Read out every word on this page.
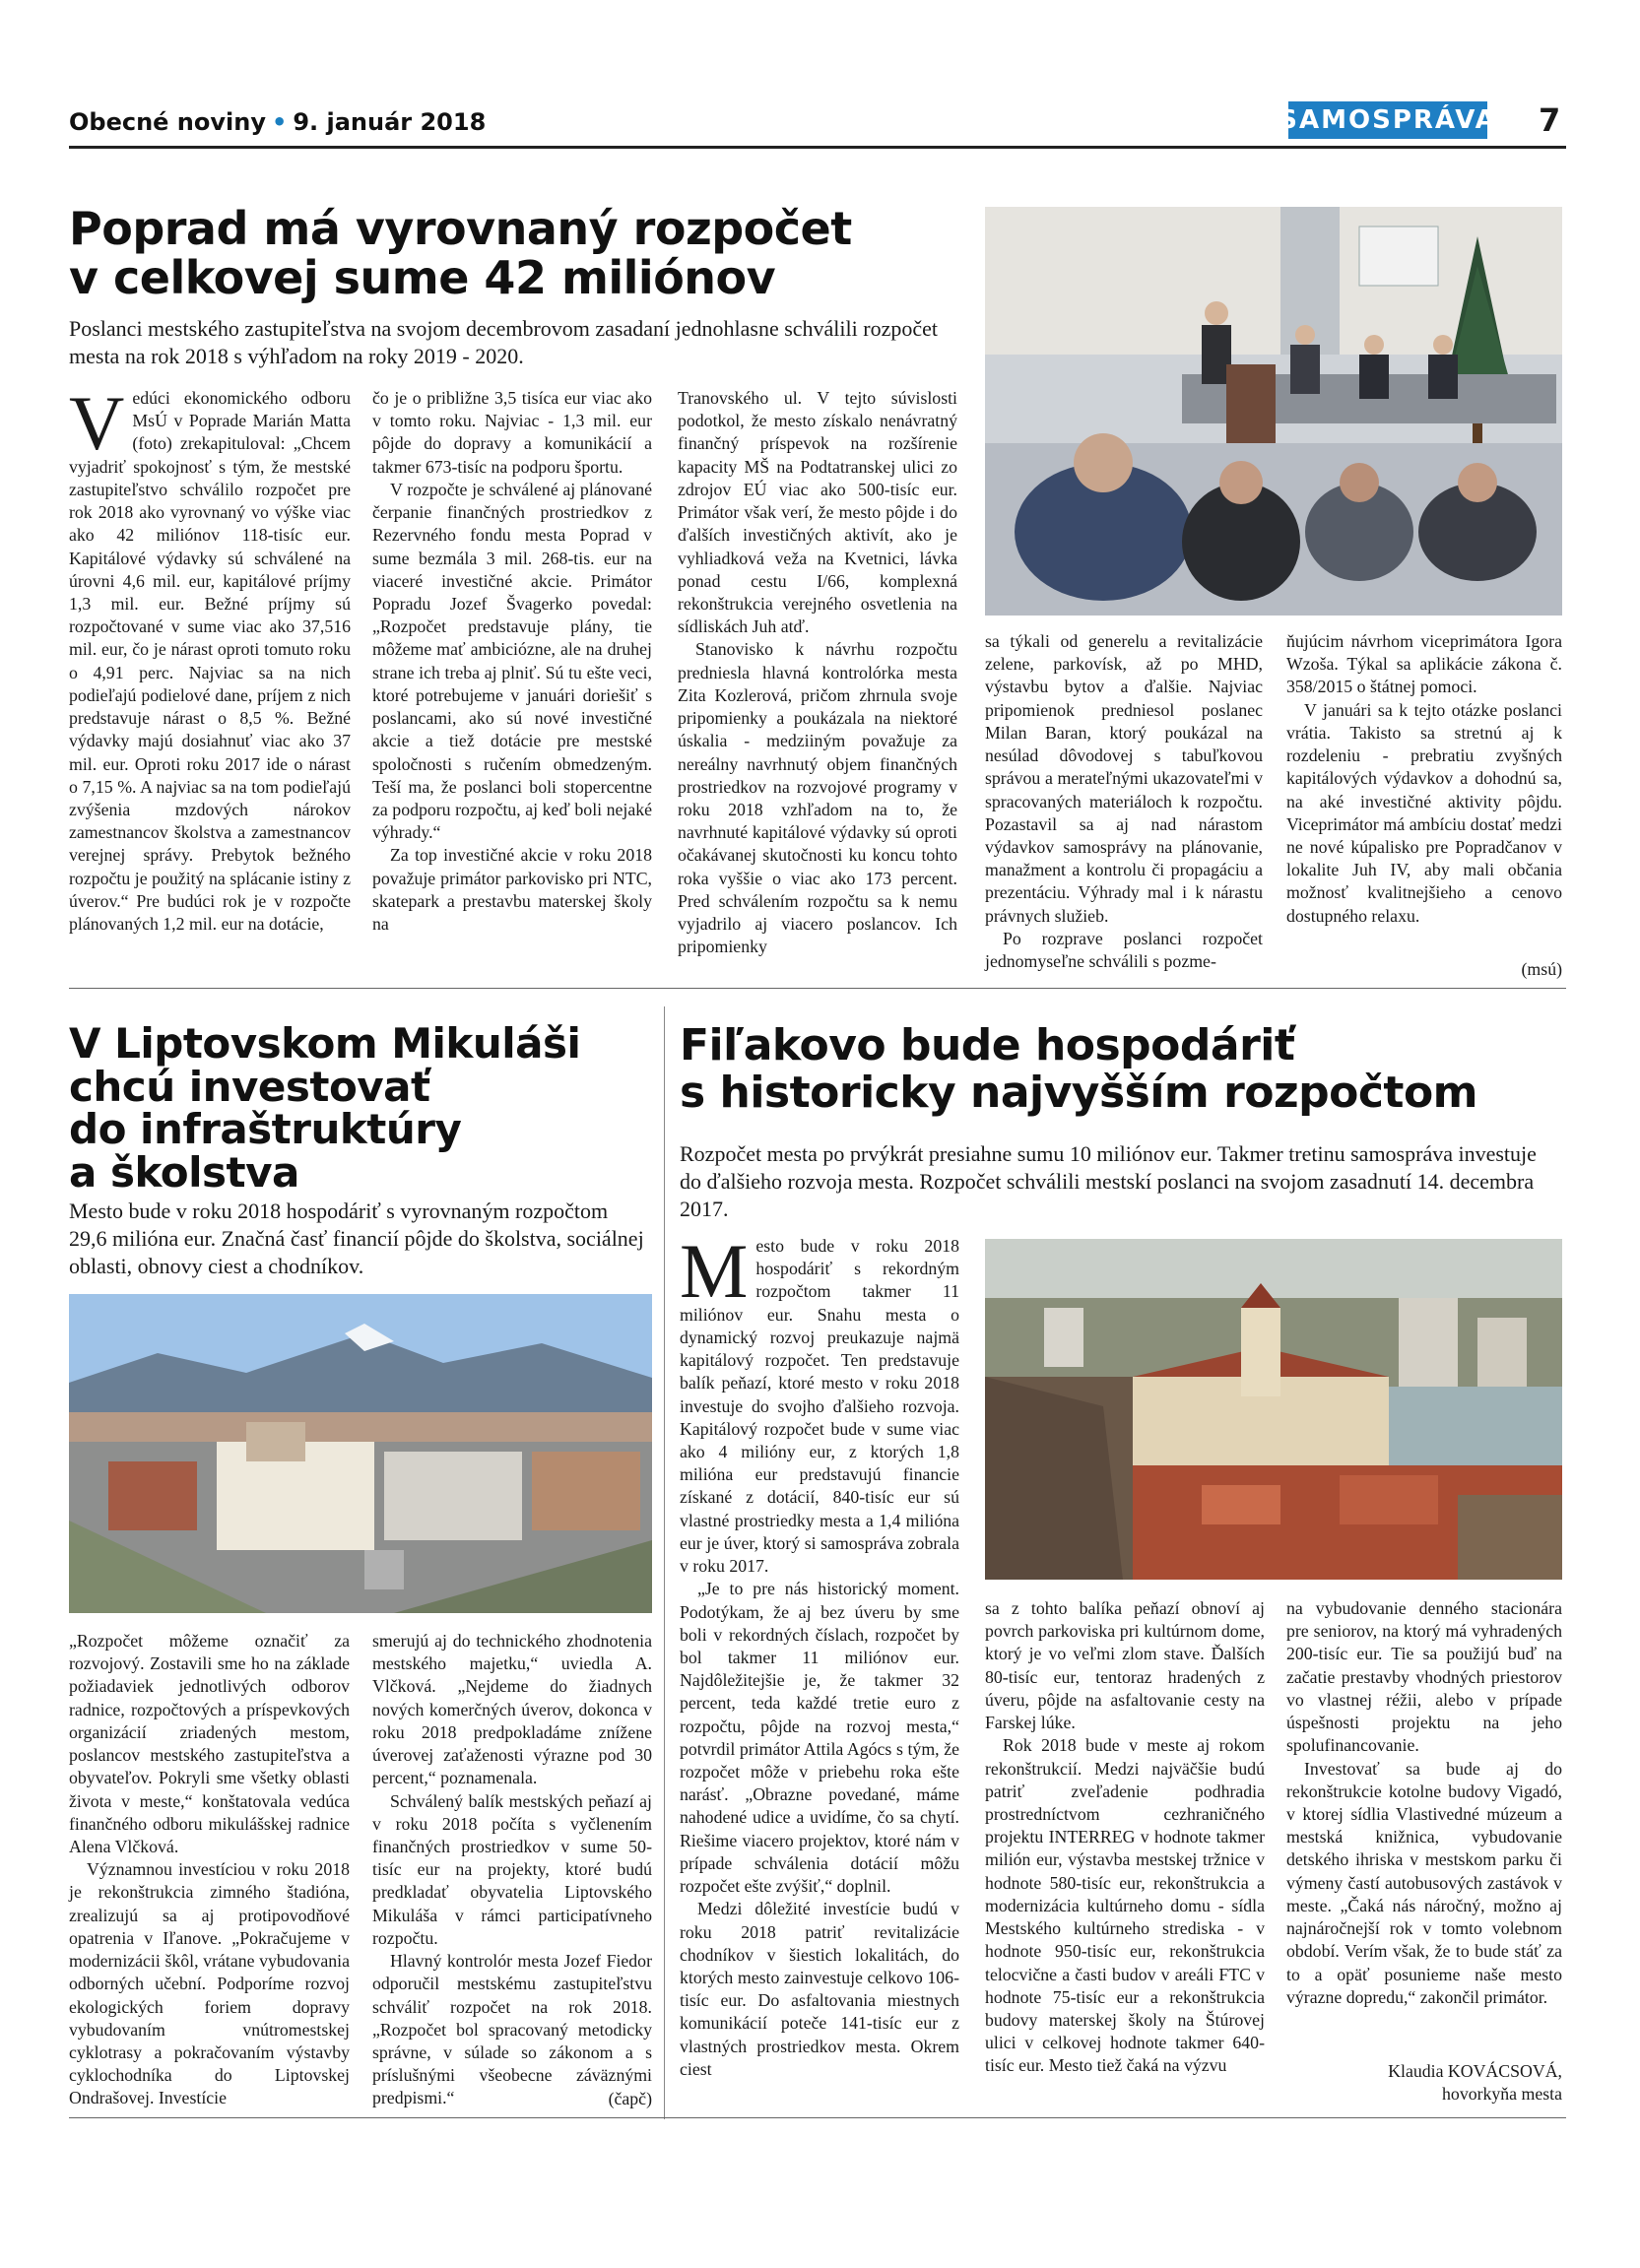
Obecné noviny • 9. január 2018	SAMOSPRÁVA 7
Poprad má vyrovnaný rozpočet
v celkovej sume 42 miliónov
Poslanci mestského zastupiteľstva na svojom decembrovom zasadaní jednohlasne schválili rozpočet mesta na rok 2018 s výhľadom na roky 2019 - 2020.

Vedúci ekonomického odboru MsÚ v Poprade Marián Matta (foto) zrekapituloval: „Chcem vyjadriť spokojnosť s tým, že mestské zastupiteľstvo schválilo rozpočet pre rok 2018 ako vyrovnaný vo výške viac ako 42 miliónov 118-tisíc eur. Kapitálové výdavky sú schválené na úrovni 4,6 mil. eur, kapitálové príjmy 1,3 mil. eur. Bežné príjmy sú rozpočtované v sume viac ako 37,516 mil. eur, čo je nárast oproti tomuto roku o 4,91 perc. Najviac sa na nich podieľajú podielové dane, príjem z nich predstavuje nárast o 8,5 %. Bežné výdavky majú dosiahnuť viac ako 37 mil. eur. Oproti roku 2017 ide o nárast o 7,15 %. A najviac sa na tom podieľajú zvýšenia mzdových nárokov zamestnancov školstva a zamestnancov verejnej správy. Prebytok bežného rozpočtu je použitý na splácanie istiny z úverov.“ Pre budúci rok je v rozpočte plánovaných 1,2 mil. eur na dotácie,

čo je o približne 3,5 tisíca eur viac ako v tomto roku. Najviac - 1,3 mil. eur pôjde do dopravy a komunikácií a takmer 673-tisíc na podporu športu.

V rozpočte je schválené aj plánované čerpanie finančných prostriedkov z Rezervného fondu mesta Poprad v sume bezmála 3 mil. 268-tis. eur na viaceré investičné akcie. Primátor Popradu Jozef Švagerko povedal: „Rozpočet predstavuje plány, tie môžeme mať ambiciózne, ale na druhej strane ich treba aj plniť. Sú tu ešte veci, ktoré potrebujeme v januári doriešiť s poslancami, ako sú nové investičné akcie a tiež dotácie pre mestské spoločnosti s ručením obmedzeným. Teší ma, že poslanci boli stopercentne za podporu rozpočtu, aj keď boli nejaké výhrady.“

Za top investičné akcie v roku 2018 považuje primátor parkovisko pri NTC, skatepark a prestavbu materskej školy na

Tranovského ul. V tejto súvislosti podotkol, že mesto získalo nenávratný finančný príspevok na rozšírenie kapacity MŠ na Podtatranskej ulici zo zdrojov EÚ viac ako 500-tisíc eur. Primátor však verí, že mesto pôjde i do ďalších investičných aktivít, ako je vyhliadková veža na Kvetnici, lávka ponad cestu I/66, komplexná rekonštrukcia verejného osvetlenia na sídliskách Juh atď.

Stanovisko k návrhu rozpočtu predniesla hlavná kontrolórka mesta Zita Kozlerová, pričom zhrnula svoje pripomienky a poukázala na niektoré úskalia - medziiným považuje za nereálny navrhnutý objem finančných prostriedkov na rozvojové programy v roku 2018 vzhľadom na to, že navrhnuté kapitálové výdavky sú oproti očakávanej skutočnosti ku koncu tohto roka vyššie o viac ako 173 percent. Pred schválením rozpočtu sa k nemu vyjadrilo aj viacero poslancov. Ich pripomienky

sa týkali od generelu a revitalizácie zelene, parkovísk, až po MHD, výstavbu bytov a ďalšie. Najviac pripomienok predniesol poslanec Milan Baran, ktorý poukázal na nesúlad dôvodovej s tabuľkovou správou a merateľnými ukazovateľmi v spracovaných materiáloch k rozpočtu. Pozastavil sa aj nad nárastom výdavkov samosprávy na plánovanie, manažment a kontrolu či propagáciu a prezentáciu. Výhrady mal i k nárastu právnych služieb.

Po rozprave poslanci rozpočet jednomyseľne schválili s pozme-

ňujúcim návrhom viceprimátora Igora Wzoša. Týkal sa aplikácie zákona č. 358/2015 o štátnej pomoci.

V januári sa k tejto otázke poslanci vrátia. Takisto sa stretnú aj k rozdeleniu - prebratiu zvyšných kapitálových výdavkov a dohodnú sa, na aké investičné aktivity pôjdu. Viceprimátor má ambíciu dostať medzi ne nové kúpalisko pre Popradčanov v lokalite Juh IV, aby mali občania možnosť kvalitnejšieho a cenovo dostupného relaxu.

(msú)
V Liptovskom Mikuláši
chcú investovať
do infraštruktúry
a školstva
Mesto bude v roku 2018 hospodáriť s vyrovnaným rozpočtom 29,6 milióna eur. Značná časť financií pôjde do školstva, sociálnej oblasti, obnovy ciest a chodníkov.

„Rozpočet môžeme označiť za rozvojový. Zostavili sme ho na základe požiadaviek jednotlivých odborov radnice, rozpočtových a príspevkových organizácií zriadených mestom, poslancov mestského zastupiteľstva a obyvateľov. Pokryli sme všetky oblasti života v meste,“ konštatovala vedúca finančného odboru mikulášskej radnice Alena Vlčková.

Významnou investíciou v roku 2018 je rekonštrukcia zimného štadióna, zrealizujú sa aj protipovodňové opatrenia v Iľanove. „Pokračujeme v modernizácii škôl, vrátane vybudovania odborných učební. Podporíme rozvoj ekologických foriem dopravy vybudovaním vnútromestskej cyklotrasy a pokračovaním výstavby cyklochodníka do Liptovskej Ondrašovej. Investície

smerujú aj do technického zhodnotenia mestského majetku,“ uviedla A. Vlčková. „Nejdeme do žiadnych nových komerčných úverov, dokonca v roku 2018 predpokladáme znížene úverovej zaťaženosti výrazne pod 30 percent,“ poznamenala.

Schválený balík mestských peňazí aj v roku 2018 počíta s vyčlenením finančných prostriedkov v sume 50-tisíc eur na projekty, ktoré budú predkladať obyvatelia Liptovského Mikuláša v rámci participatívneho rozpočtu.

Hlavný kontrolór mesta Jozef Fiedor odporučil mestskému zastupiteľstvu schváliť rozpočet na rok 2018. „Rozpočet bol spracovaný metodicky správne, v súlade so zákonom a s príslušnými všeobecne záväznými predpismi.“	(čapč)
Fiľakovo bude hospodáriť
s historicky najvyšším rozpočtom
Rozpočet mesta po prvýkrát presiahne sumu 10 miliónov eur. Takmer tretinu samospráva investuje do ďalšieho rozvoja mesta. Rozpočet schválili mestskí poslanci na svojom zasadnutí 14. decembra 2017.

Mesto bude v roku 2018 hospodáriť s rekordným rozpočtom takmer 11 miliónov eur. Snahu mesta o dynamický rozvoj preukazuje najmä kapitálový rozpočet. Ten predstavuje balík peňazí, ktoré mesto v roku 2018 investuje do svojho ďalšieho rozvoja. Kapitálový rozpočet bude v sume viac ako 4 milióny eur, z ktorých 1,8 milióna eur predstavujú financie získané z dotácií, 840-tisíc eur sú vlastné prostriedky mesta a 1,4 milióna eur je úver, ktorý si samospráva zobrala v roku 2017.

„Je to pre nás historický moment. Podotýkam, že aj bez úveru by sme boli v rekordných číslach, rozpočet by bol takmer 11 miliónov eur. Najdôležitejšie je, že takmer 32 percent, teda každé tretie euro z rozpočtu, pôjde na rozvoj mesta,“ potvrdil primátor Attila Agócs s tým, že rozpočet môže v priebehu roka ešte narásť. „Obrazne povedané, máme nahodené udice a uvidíme, čo sa chytí. Riešime viacero projektov, ktoré nám v prípade schválenia dotácií môžu rozpočet ešte zvýšiť,“ doplnil.

Medzi dôležité investície budú v roku 2018 patriť revitalizácie chodníkov v šiestich lokalitách, do ktorých mesto zainvestuje celkovo 106-tisíc eur. Do asfaltovania miestnych komunikácií poteče 141-tisíc eur z vlastných prostriedkov mesta. Okrem ciest

sa z tohto balíka peňazí obnoví aj povrch parkoviska pri kultúrnom dome, ktorý je vo veľmi zlom stave. Ďalších 80-tisíc eur, tentoraz hradených z úveru, pôjde na asfaltovanie cesty na Farskej lúke.

Rok 2018 bude v meste aj rokom rekonštrukcií. Medzi najväčšie budú patriť zveľadenie podhradia prostredníctvom cezhraničného projektu INTERREG v hodnote takmer milión eur, výstavba mestskej tržnice v hodnote 580-tisíc eur, rekonštrukcia a modernizácia kultúrneho domu - sídla Mestského kultúrneho strediska - v hodnote 950-tisíc eur, rekonštrukcia telocvične a časti budov v areáli FTC v hodnote 75-tisíc eur a rekonštrukcia budovy materskej školy na Štúrovej ulici v celkovej hodnote takmer 640-tisíc eur. Mesto tiež čaká na výzvu

na vybudovanie denného stacionára pre seniorov, na ktorý má vyhradených 200-tisíc eur. Tie sa použijú buď na začatie prestavby vhodných priestorov vo vlastnej réžii, alebo v prípade úspešnosti projektu na jeho spolufinancovanie.

Investovať sa bude aj do rekonštrukcie kotolne budovy Vigadó, v ktorej sídlia Vlastivedné múzeum a mestská knižnica, vybudovanie detského ihriska v mestskom parku či výmeny častí autobusových zastávok v meste. „Čaká nás náročný, možno aj najnáročnejší rok v tomto volebnom období. Verím však, že to bude stáť za to a opäť posunieme naše mesto výrazne dopredu,“ zakončil primátor.

Klaudia KOVÁCSOVÁ,
hovorkyňa mesta
